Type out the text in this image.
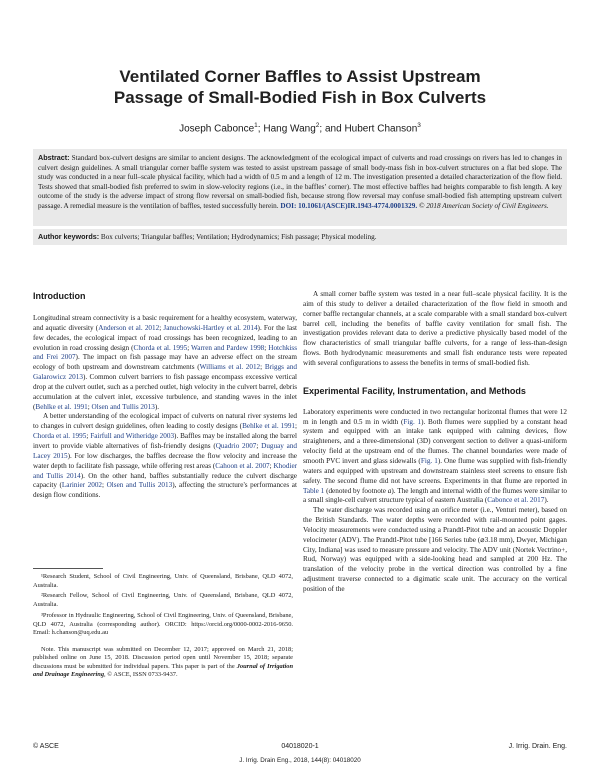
Ventilated Corner Baffles to Assist Upstream
Passage of Small-Bodied Fish in Box Culverts

Joseph Cabonce$^1$; Hang Wang$^2$; and Hubert Chanson$^3$

Abstract: Standard box-culvert designs are similar to ancient designs. The acknowledgment of the ecological impact of culverts and road crossings on rivers has led to changes in culvert design guidelines. A small triangular corner baffle system was tested to assist upstream passage of small body-mass fish in box-culvert structures on a flat bed slope. The study was conducted in a near full–scale physical facility, which had a width of 0.5 m and a length of 12 m. The investigation presented a detailed characterization of the flow field. Tests showed that small-bodied fish preferred to swim in slow-velocity regions (i.e., in the baffles’ corner). The most effective baffles had heights comparable to fish length. A key outcome of the study is the adverse impact of strong flow reversal on small-bodied fish, because strong flow reversal may confuse small-bodied fish attempting upstream culvert passage. A remedial measure is the ventilation of baffles, tested successfully herein. DOI: 10.1061/(ASCE)IR.1943-4774.0001329. © 2018 American Society of Civil Engineers.

Author keywords: Box culverts; Triangular baffles; Ventilation; Hydrodynamics; Fish passage; Physical modeling.
Introduction

Longitudinal stream connectivity is a basic requirement for a healthy ecosystem, waterway, and aquatic diversity (Anderson et al. 2012; Januchowski-Hartley et al. 2014). For the last few decades, the ecological impact of road crossings has been recognized, leading to an evolution in road crossing design (Chorda et al. 1995; Warren and Pardew 1998; Hotchkiss and Frei 2007). The impact on fish passage may have an adverse effect on the stream ecology of both upstream and downstream catchments (Williams et al. 2012; Briggs and Galarowicz 2013). Common culvert barriers to fish passage encompass excessive vertical drop at the culvert outlet, such as a perched outlet, high velocity in the culvert barrel, debris accumulation at the culvert inlet, excessive turbulence, and standing waves in the inlet (Behlke et al. 1991; Olsen and Tullis 2013).

A better understanding of the ecological impact of culverts on natural river systems led to changes in culvert design guidelines, often leading to costly designs (Behlke et al. 1991; Chorda et al. 1995; Fairfull and Witheridge 2003). Baffles may be installed along the barrel invert to provide viable alternatives of fish-friendly designs (Quadrio 2007; Duguay and Lacey 2015). For low discharges, the baffles decrease the flow velocity and increase the water depth to facilitate fish passage, while offering rest areas (Cahoon et al. 2007; Khodier and Tullis 2014). On the other hand, baffles substantially reduce the culvert discharge capacity (Larinier 2002; Olsen and Tullis 2013), affecting the structure's performances at design flow conditions.

¹Research Student, School of Civil Engineering, Univ. of Queensland, Brisbane, QLD 4072, Australia.

²Research Fellow, School of Civil Engineering, Univ. of Queensland, Brisbane, QLD 4072, Australia.

³Professor in Hydraulic Engineering, School of Civil Engineering, Univ. of Queensland, Brisbane, QLD 4072, Australia (corresponding author). ORCID: https://orcid.org/0000-0002-2016-9650. Email: h.chanson@uq.edu.au

Note. This manuscript was submitted on December 12, 2017; approved on March 21, 2018; published online on June 15, 2018. Discussion period open until November 15, 2018; separate discussions must be submitted for individual papers. This paper is part of the Journal of Irrigation and Drainage Engineering, © ASCE, ISSN 0733-9437.

A small corner baffle system was tested in a near full–scale physical facility. It is the aim of this study to deliver a detailed characterization of the flow field in smooth and corner baffle rectangular channels, at a scale comparable with a small standard box-culvert barrel cell, including the benefits of baffle cavity ventilation for small fish. The investigation provides relevant data to derive a predictive physically based model of the flow characteristics of small triangular baffle culverts, for a range of less-than-design flows. Both hydrodynamic measurements and small fish endurance tests were repeated with several configurations to assess the benefits in terms of small-bodied fish.

Experimental Facility, Instrumentation, and Methods

Laboratory experiments were conducted in two rectangular horizontal flumes that were 12 m in length and 0.5 m in width (Fig. 1). Both flumes were supplied by a constant head system and equipped with an intake tank equipped with calming devices, flow straighteners, and a three-dimensional (3D) convergent section to deliver a quasi-uniform velocity field at the upstream end of the flumes. The channel boundaries were made of smooth PVC invert and glass sidewalls (Fig. 1). One flume was supplied with fish-friendly waters and equipped with upstream and downstream stainless steel screens to ensure fish safety. The second flume did not have screens. Experiments in that flume are reported in Table 1 (denoted by footnote a). The length and internal width of the flumes were similar to a small single-cell culvert structure typical of eastern Australia (Cabonce et al. 2017).

The water discharge was recorded using an orifice meter (i.e., Venturi meter), based on the British Standards. The water depths were recorded with rail-mounted point gages. Velocity measurements were conducted using a Prandtl-Pitot tube and an acoustic Doppler velocimeter (ADV). The Prandtl-Pitot tube [166 Series tube (⌀3.18 mm), Dwyer, Michigan City, Indiana] was used to measure pressure and velocity. The ADV unit (Nortek Vectrino+, Rud, Norway) was equipped with a side-looking head and sampled at 200 Hz. The translation of the velocity probe in the vertical direction was controlled by a fine adjustment traverse connected to a digimatic scale unit. The accuracy on the vertical position of the

© ASCE	04018020-1	J. Irrig. Drain. Eng.
J. Irrig. Drain Eng., 2018, 144(8): 04018020
